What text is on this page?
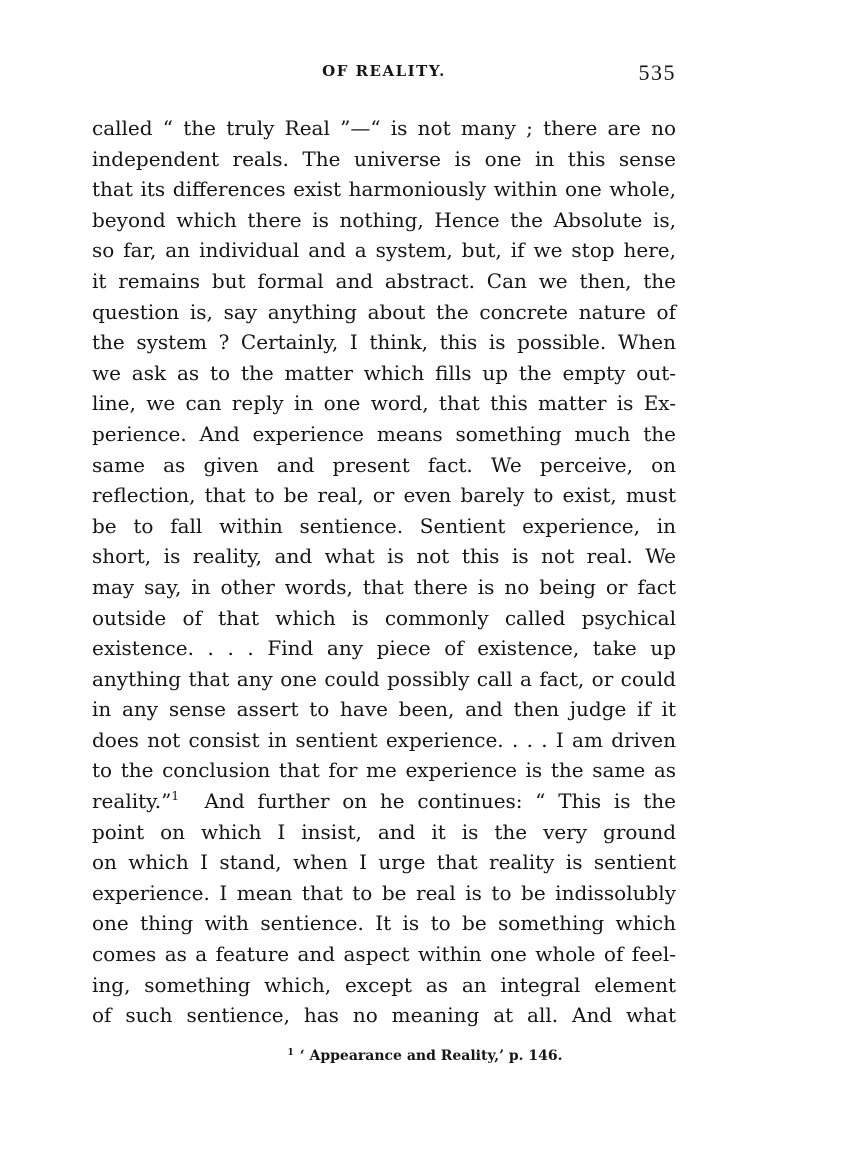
OF REALITY.	535
called “ the truly Real ”—“ is not many ; there are no
independent reals. The universe is one in this sense
that its differences exist harmoniously within one whole,
beyond which there is nothing, Hence the Absolute is,
so far, an individual and a system, but, if we stop here,
it remains but formal and abstract. Can we then, the
question is, say anything about the concrete nature of
the system ? Certainly, I think, this is possible. When
we ask as to the matter which fills up the empty out-
line, we can reply in one word, that this matter is Ex-
perience. And experience means something much the
same as given and present fact. We perceive, on
reflection, that to be real, or even barely to exist, must
be to fall within sentience. Sentient experience, in
short, is reality, and what is not this is not real. We
may say, in other words, that there is no being or fact
outside of that which is commonly called psychical
existence. . . . Find any piece of existence, take up
anything that any one could possibly call a fact, or could
in any sense assert to have been, and then judge if it
does not consist in sentient experience. . . . I am driven
to the conclusion that for me experience is the same as
reality.”$^1$ And further on he continues: “ This is the
point on which I insist, and it is the very ground
on which I stand, when I urge that reality is sentient
experience. I mean that to be real is to be indissolubly
one thing with sentience. It is to be something which
comes as a feature and aspect within one whole of feel-
ing, something which, except as an integral element
of such sentience, has no meaning at all. And what
$^1$ ‘ Appearance and Reality,’ p. 146.
